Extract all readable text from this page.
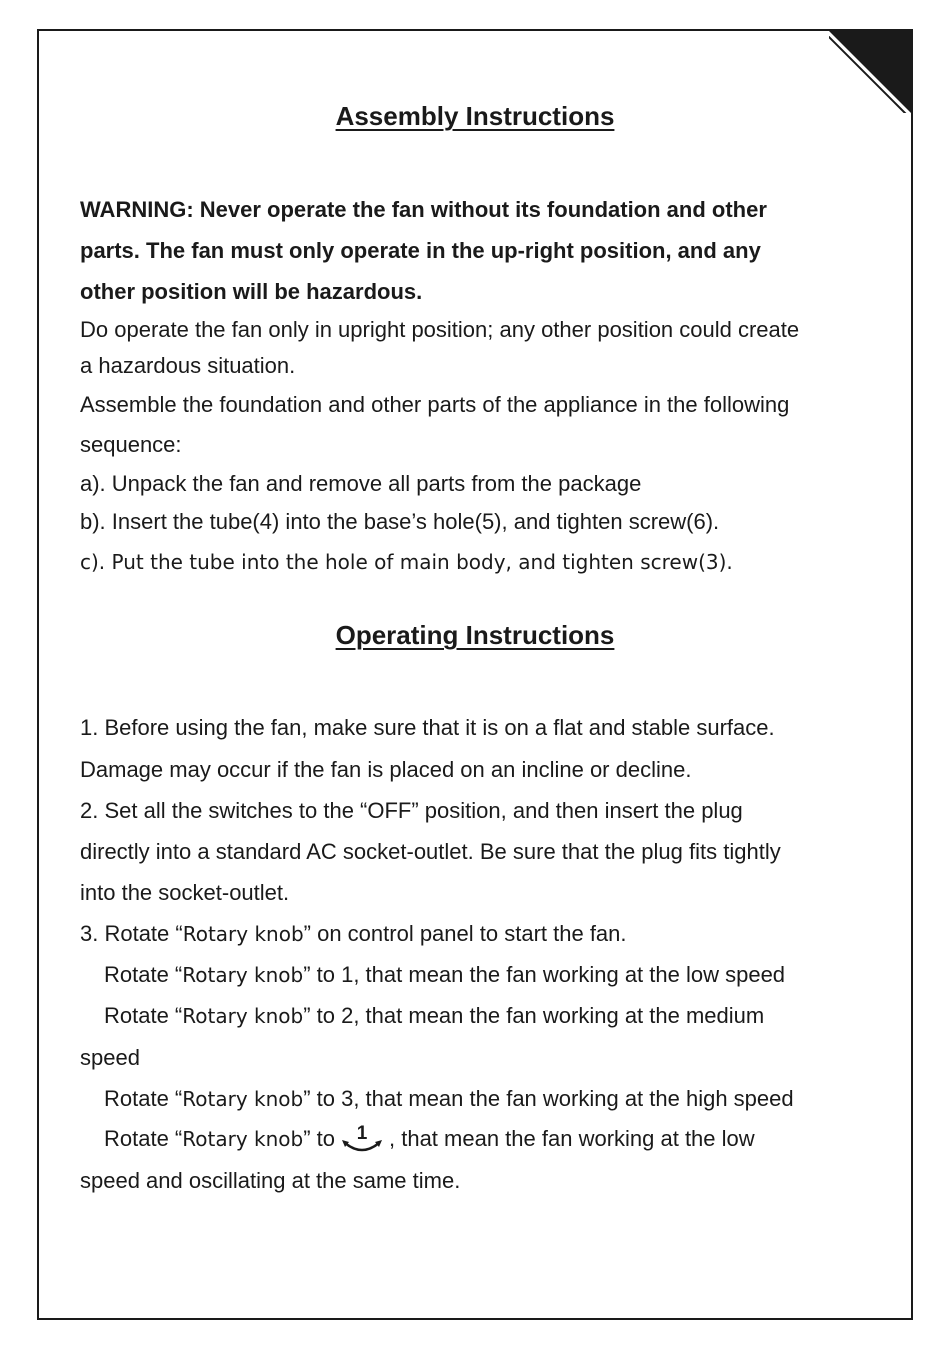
Assembly Instructions

WARNING: Never operate the fan without its foundation and other

parts. The fan must only operate in the up-right position, and any

other position will be hazardous.

Do operate the fan only in upright position; any other position could create

a hazardous situation.

Assemble the foundation and other parts of the appliance in the following

sequence:

a). Unpack the fan and remove all parts from the package

b). Insert the tube(4) into the base’s hole(5), and tighten screw(6).

c). Put the tube into the hole of main body, and tighten screw(3).

Operating Instructions

1. Before using the fan, make sure that it is on a flat and stable surface.

Damage may occur if the fan is placed on an incline or decline.

2. Set all the switches to the “OFF” position, and then insert the plug

directly into a standard AC socket-outlet. Be sure that the plug fits tightly

into the socket-outlet.

3. Rotate “Rotary knob” on control panel to start the fan.

Rotate “Rotary knob” to 1, that mean the fan working at the low speed

Rotate “Rotary knob” to 2, that mean the fan working at the medium

speed

Rotate “Rotary knob” to 3, that mean the fan working at the high speed

Rotate “Rotary knob” to 1 , that mean the fan working at the low

speed and oscillating at the same time.
